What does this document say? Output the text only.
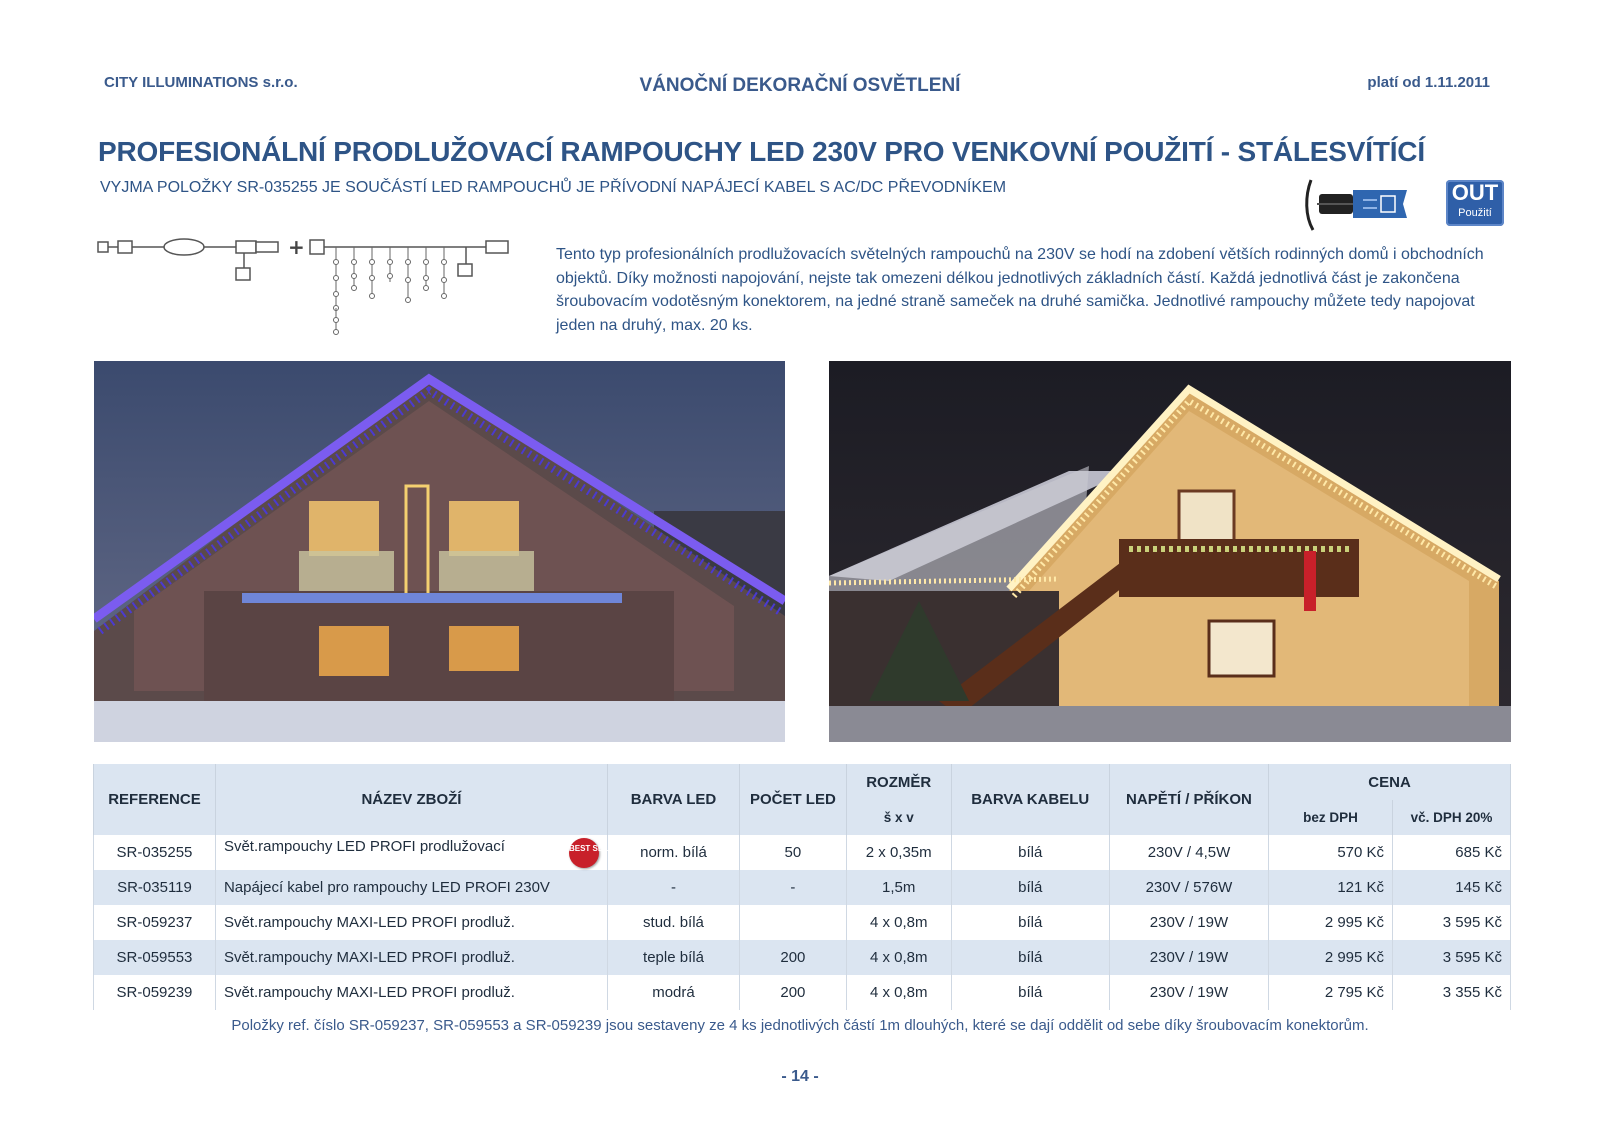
CITY ILLUMINATIONS s.r.o.	VÁNOČNÍ DEKORAČNÍ OSVĚTLENÍ	platí od 1.11.2011
PROFESIONÁLNÍ PRODLUŽOVACÍ RAMPOUCHY LED 230V PRO VENKOVNÍ POUŽITÍ - STÁLESVÍTÍCÍ
VYJMA POLOŽKY SR-035255 JE SOUČÁSTÍ LED RAMPOUCHŮ JE PŘÍVODNÍ NAPÁJECÍ KABEL S AC/DC PŘEVODNÍKEM	OUT
Použití
+	Tento typ profesionálních prodlužovacích světelných rampouchů na 230V se hodí na zdobení větších rodinných domů i obchodních objektů. Díky možnosti napojování, nejste tak omezeni délkou jednotlivých základních částí. Každá jednotlivá část je zakončena šroubovacím vodotěsným konektorem, na jedné straně sameček na druhé samička. Jednotlivé rampouchy můžete tedy napojovat jeden na druhý, max. 20 ks.
REFERENCE	NÁZEV ZBOŽÍ	BARVA LED	POČET LED	ROZMĚR	BARVA KABELU	NAPĚTÍ / PŘÍKON	CENA	
				š x v			bez DPH	vč. DPH 20%
SR-035255	Svět.rampouchy LED PROFI prodlužovací BEST SELLER	norm. bílá	50	2 x 0,35m	bílá	230V / 4,5W	570 Kč	685 Kč
SR-035119	Napájecí kabel pro rampouchy LED PROFI 230V	-	-	1,5m	bílá	230V / 576W	121 Kč	145 Kč
SR-059237	Svět.rampouchy MAXI-LED PROFI prodluž.	stud. bílá		4 x 0,8m	bílá	230V / 19W	2 995 Kč	3 595 Kč
SR-059553	Svět.rampouchy MAXI-LED PROFI prodluž.	teple bílá	200	4 x 0,8m	bílá	230V / 19W	2 995 Kč	3 595 Kč
SR-059239	Svět.rampouchy MAXI-LED PROFI prodluž.	modrá	200	4 x 0,8m	bílá	230V / 19W	2 795 Kč	3 355 Kč
Položky ref. číslo SR-059237, SR-059553 a SR-059239 jsou sestaveny ze 4 ks jednotlivých částí 1m dlouhých, které se dají oddělit od sebe díky šroubovacím konektorům.
- 14 -
